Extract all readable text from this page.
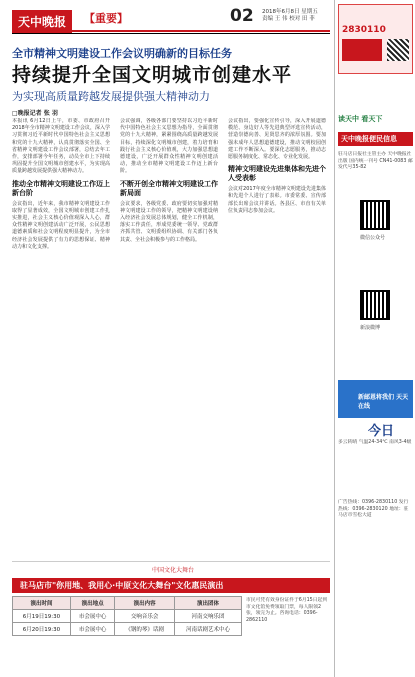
天中晚报	【重要】	02 2018年6月8日 星期五
责编 王 伟 校对 田 菲
全市精神文明建设工作会议明确新的目标任务
持续提升全国文明城市创建水平
为实现高质量跨越发展提供强大精神动力
□晚报记者 张 羽

本报讯 6月12日上午，市委、市政府召开2018年全市精神文明建设工作会议，深入学习贯彻习近平新时代中国特色社会主义思想和党的十九大精神，认真贯彻落实全国、全省精神文明建设工作会议部署，总结去年工作，安排部署今年任务，动员全市上下持续巩固提升全国文明城市创建水平，为实现高质量跨越发展提供强大精神动力。

推动全市精神文明建设工作迈上新台阶

会议指出，近年来，我市精神文明建设工作取得了显著成效，全国文明城市创建工作扎实推进，社会主义核心价值观深入人心，群众性精神文明创建活动广泛开展，公民思想道德素质和社会文明程度明显提升，为全市经济社会发展提供了有力的思想保证、精神动力和文化支撑。

会议强调，各级各部门要坚持以习近平新时代中国特色社会主义思想为指导，全面贯彻党的十九大精神，紧紧围绕高质量跨越发展目标，持续深化文明城市创建，着力培育和践行社会主义核心价值观，大力加强思想道德建设，广泛开展群众性精神文明创建活动，推动全市精神文明建设工作迈上新台阶。

不断开创全市精神文明建设工作新局面

会议要求，各级党委、政府要切实加强对精神文明建设工作的领导，把精神文明建设纳入经济社会发展总体规划，健全工作机制，落实工作责任，形成党委统一领导、党政群齐抓共管、文明委组织协调、有关部门各负其责、全社会积极参与的工作格局。

会议指出，要强化宣传引导，深入开展道德模范、身边好人等先进典型评选宣传活动，营造崇德向善、见贤思齐的浓厚氛围。要加强未成年人思想道德建设，推动文明校园创建工作不断深入。要深化志愿服务，推动志愿服务制度化、常态化、专业化发展。

精神文明建设先进集体和先进个人受表彰

会议对2017年度全市精神文明建设先进集体和先进个人进行了表彰。市委常委、宣传部部长出席会议并讲话。各县区、市直有关单位负责同志参加会议。

2830110
读天中 看天下
天中晚报便民信息
驻马店日报社主管主办 天中晚报社出版 国内统一刊号 CN41-0083 邮发代号35-82
微信公众号
新浪微博
新邮恩将我们 天天在线
今日
多云转晴 气温24-34℃ 南风3-4级
广告热线：0396-2830110 发行热线：0396-2830120 地址：驻马店市雪松大道
中国文化大舞台
驻马店市"你用地、我用心·中原文化大舞台"文化惠民演出
演出时间	演出地点	演出内容	演出团体
6月19日19:30	市会展中心	交响音乐会	河南交响乐团
6月20日19:30	市会展中心	《钢的琴》话剧	河南话剧艺术中心
市民可凭有效身份证件于6月15日起到市文化馆免费领取门票，每人限领2张，领完为止。咨询电话：0396-2862110
